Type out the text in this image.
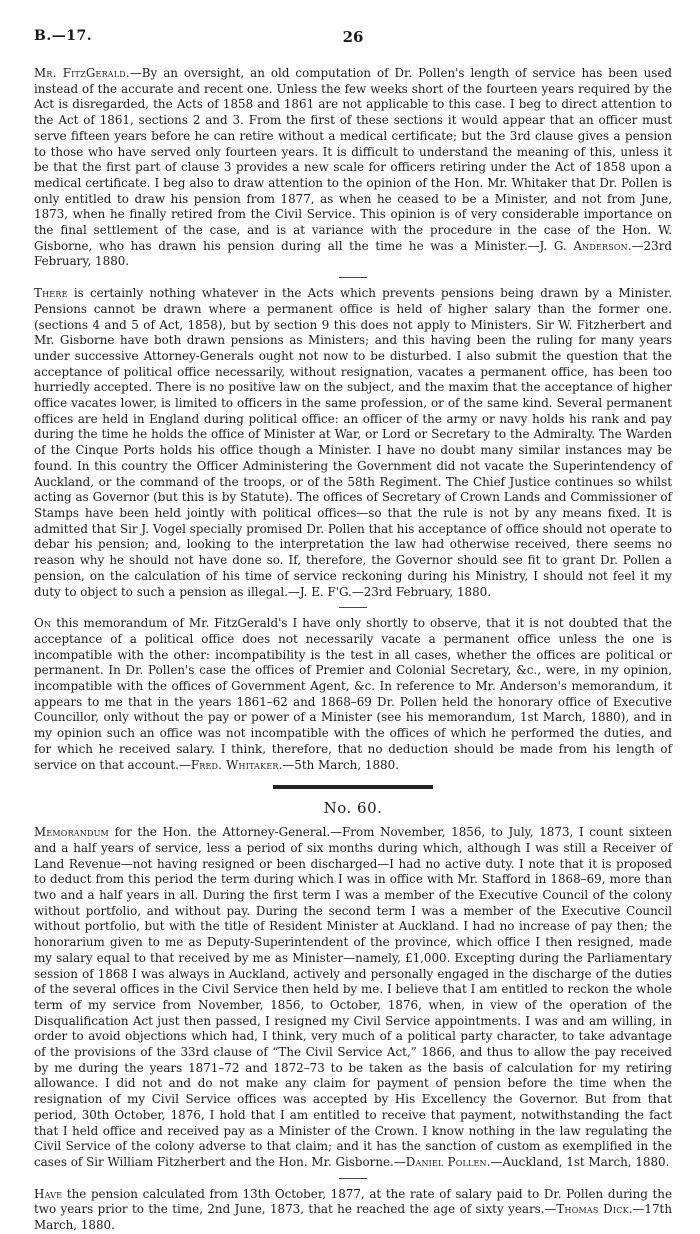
B.—17.	26

Mr. FitzGerald.—By an oversight, an old computation of Dr. Pollen's length of service has been used instead of the accurate and recent one. Unless the few weeks short of the fourteen years required by the Act is disregarded, the Acts of 1858 and 1861 are not applicable to this case. I beg to direct attention to the Act of 1861, sections 2 and 3. From the first of these sections it would appear that an officer must serve fifteen years before he can retire without a medical certificate; but the 3rd clause gives a pension to those who have served only fourteen years. It is difficult to understand the meaning of this, unless it be that the first part of clause 3 provides a new scale for officers retiring under the Act of 1858 upon a medical certificate. I beg also to draw attention to the opinion of the Hon. Mr. Whitaker that Dr. Pollen is only entitled to draw his pension from 1877, as when he ceased to be a Minister, and not from June, 1873, when he finally retired from the Civil Service. This opinion is of very considerable importance on the final settlement of the case, and is at variance with the procedure in the case of the Hon. W. Gisborne, who has drawn his pension during all the time he was a Minister.—J. G. Anderson.—23rd February, 1880.

There is certainly nothing whatever in the Acts which prevents pensions being drawn by a Minister. Pensions cannot be drawn where a permanent office is held of higher salary than the former one. (sections 4 and 5 of Act, 1858), but by section 9 this does not apply to Ministers. Sir W. Fitzherbert and Mr. Gisborne have both drawn pensions as Ministers; and this having been the ruling for many years under successive Attorney-Generals ought not now to be disturbed. I also submit the question that the acceptance of political office necessarily, without resignation, vacates a permanent office, has been too hurriedly accepted. There is no positive law on the subject, and the maxim that the acceptance of higher office vacates lower, is limited to officers in the same profession, or of the same kind. Several permanent offices are held in England during political office: an officer of the army or navy holds his rank and pay during the time he holds the office of Minister at War, or Lord or Secretary to the Admiralty. The Warden of the Cinque Ports holds his office though a Minister. I have no doubt many similar instances may be found. In this country the Officer Administering the Government did not vacate the Superintendency of Auckland, or the command of the troops, or of the 58th Regiment. The Chief Justice continues so whilst acting as Governor (but this is by Statute). The offices of Secretary of Crown Lands and Commissioner of Stamps have been held jointly with political offices—so that the rule is not by any means fixed. It is admitted that Sir J. Vogel specially promised Dr. Pollen that his acceptance of office should not operate to debar his pension; and, looking to the interpretation the law had otherwise received, there seems no reason why he should not have done so. If, therefore, the Governor should see fit to grant Dr. Pollen a pension, on the calculation of his time of service reckoning during his Ministry, I should not feel it my duty to object to such a pension as illegal.—J. E. F'G.—23rd February, 1880.

On this memorandum of Mr. FitzGerald's I have only shortly to observe, that it is not doubted that the acceptance of a political office does not necessarily vacate a permanent office unless the one is incompatible with the other: incompatibility is the test in all cases, whether the offices are political or permanent. In Dr. Pollen's case the offices of Premier and Colonial Secretary, &c., were, in my opinion, incompatible with the offices of Government Agent, &c. In reference to Mr. Anderson's memorandum, it appears to me that in the years 1861–62 and 1868–69 Dr. Pollen held the honorary office of Executive Councillor, only without the pay or power of a Minister (see his memorandum, 1st March, 1880), and in my opinion such an office was not incompatible with the offices of which he performed the duties, and for which he received salary. I think, therefore, that no deduction should be made from his length of service on that account.—Fred. Whitaker.—5th March, 1880.

No. 60.

Memorandum for the Hon. the Attorney-General.—From November, 1856, to July, 1873, I count sixteen and a half years of service, less a period of six months during which, although I was still a Receiver of Land Revenue—not having resigned or been discharged—I had no active duty. I note that it is proposed to deduct from this period the term during which I was in office with Mr. Stafford in 1868–69, more than two and a half years in all. During the first term I was a member of the Executive Council of the colony without portfolio, and without pay. During the second term I was a member of the Executive Council without portfolio, but with the title of Resident Minister at Auckland. I had no increase of pay then; the honorarium given to me as Deputy-Superintendent of the province, which office I then resigned, made my salary equal to that received by me as Minister—namely, £1,000. Excepting during the Parliamentary session of 1868 I was always in Auckland, actively and personally engaged in the discharge of the duties of the several offices in the Civil Service then held by me. I believe that I am entitled to reckon the whole term of my service from November, 1856, to October, 1876, when, in view of the operation of the Disqualification Act just then passed, I resigned my Civil Service appointments. I was and am willing, in order to avoid objections which had, I think, very much of a political party character, to take advantage of the provisions of the 33rd clause of “The Civil Service Act,” 1866, and thus to allow the pay received by me during the years 1871–72 and 1872–73 to be taken as the basis of calculation for my retiring allowance. I did not and do not make any claim for payment of pension before the time when the resignation of my Civil Service offices was accepted by His Excellency the Governor. But from that period, 30th October, 1876, I hold that I am entitled to receive that payment, notwithstanding the fact that I held office and received pay as a Minister of the Crown. I know nothing in the law regulating the Civil Service of the colony adverse to that claim; and it has the sanction of custom as exemplified in the cases of Sir William Fitzherbert and the Hon. Mr. Gisborne.—Daniel Pollen.—Auckland, 1st March, 1880.

Have the pension calculated from 13th October, 1877, at the rate of salary paid to Dr. Pollen during the two years prior to the time, 2nd June, 1873, that he reached the age of sixty years.—Thomas Dick.—17th March, 1880.
